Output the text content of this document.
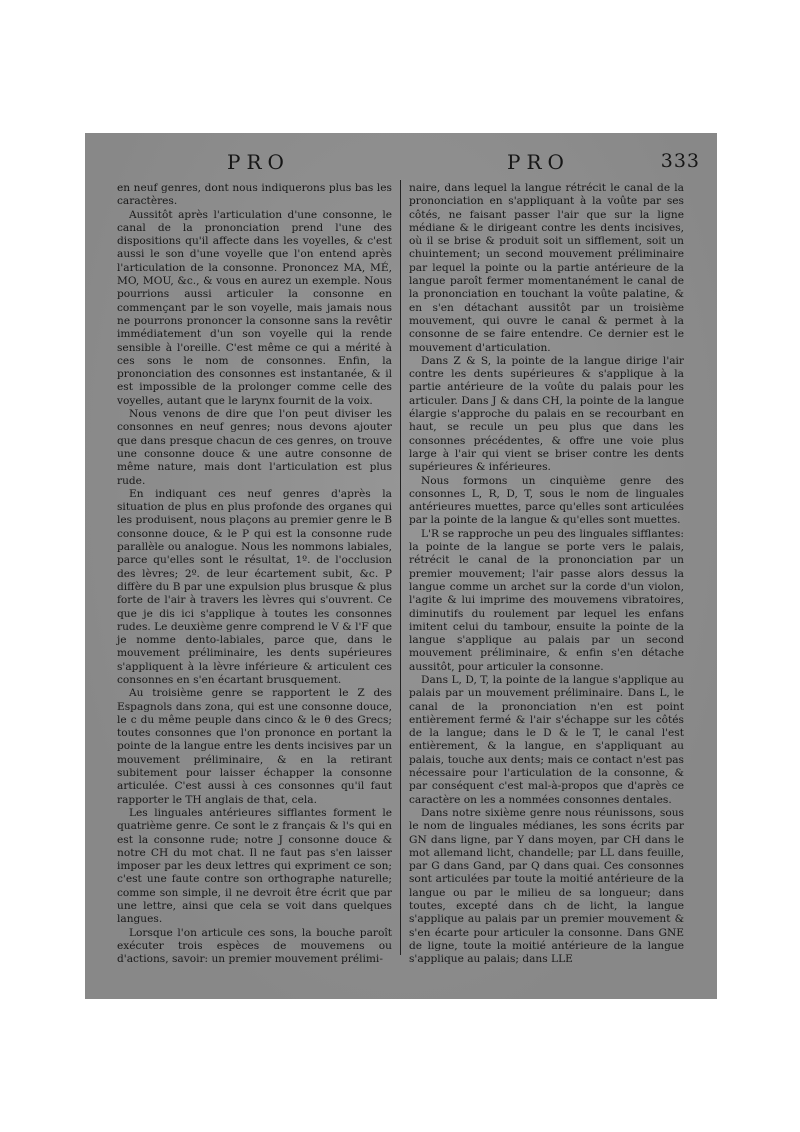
PRO	PRO	333

en neuf genres, dont nous indiquerons plus bas les caractères.

Aussitôt après l'articulation d'une consonne, le canal de la prononciation prend l'une des dispositions qu'il affecte dans les voyelles, & c'est aussi le son d'une voyelle que l'on entend après l'articulation de la consonne. Prononcez MA, MÉ, MO, MOU, &c., & vous en aurez un exemple. Nous pourrions aussi articuler la consonne en commençant par le son voyelle, mais jamais nous ne pourrons prononcer la consonne sans la revêtir immédiatement d'un son voyelle qui la rende sensible à l'oreille. C'est même ce qui a mérité à ces sons le nom de consonnes. Enfin, la prononciation des consonnes est instantanée, & il est impossible de la prolonger comme celle des voyelles, autant que le larynx fournit de la voix.

Nous venons de dire que l'on peut diviser les consonnes en neuf genres; nous devons ajouter que dans presque chacun de ces genres, on trouve une consonne douce & une autre consonne de même nature, mais dont l'articulation est plus rude.

En indiquant ces neuf genres d'après la situation de plus en plus profonde des organes qui les produisent, nous plaçons au premier genre le B consonne douce, & le P qui est la consonne rude parallèle ou analogue. Nous les nommons labiales, parce qu'elles sont le résultat, 1º. de l'occlusion des lèvres; 2º. de leur écartement subit, &c. P diffère du B par une expulsion plus brusque & plus forte de l'air à travers les lèvres qui s'ouvrent. Ce que je dis ici s'applique à toutes les consonnes rudes. Le deuxième genre comprend le V & l'F que je nomme dento-labiales, parce que, dans le mouvement préliminaire, les dents supérieures s'appliquent à la lèvre inférieure & articulent ces consonnes en s'en écartant brusquement.

Au troisième genre se rapportent le Z des Espagnols dans zona, qui est une consonne douce, le c du même peuple dans cinco & le θ des Grecs; toutes consonnes que l'on prononce en portant la pointe de la langue entre les dents incisives par un mouvement préliminaire, & en la retirant subitement pour laisser échapper la consonne articulée. C'est aussi à ces consonnes qu'il faut rapporter le TH anglais de that, cela.

Les linguales antérieures sifflantes forment le quatrième genre. Ce sont le z français & l's qui en est la consonne rude; notre J consonne douce & notre CH du mot chat. Il ne faut pas s'en laisser imposer par les deux lettres qui expriment ce son; c'est une faute contre son orthographe naturelle; comme son simple, il ne devroit être écrit que par une lettre, ainsi que cela se voit dans quelques langues.

Lorsque l'on articule ces sons, la bouche paroît exécuter trois espèces de mouvemens ou d'actions, savoir: un premier mouvement prélimi-

naire, dans lequel la langue rétrécit le canal de la prononciation en s'appliquant à la voûte par ses côtés, ne faisant passer l'air que sur la ligne médiane & le dirigeant contre les dents incisives, où il se brise & produit soit un sifflement, soit un chuintement; un second mouvement préliminaire par lequel la pointe ou la partie antérieure de la langue paroît fermer momentanément le canal de la prononciation en touchant la voûte palatine, & en s'en détachant aussitôt par un troisième mouvement, qui ouvre le canal & permet à la consonne de se faire entendre. Ce dernier est le mouvement d'articulation.

Dans Z & S, la pointe de la langue dirige l'air contre les dents supérieures & s'applique à la partie antérieure de la voûte du palais pour les articuler. Dans J & dans CH, la pointe de la langue élargie s'approche du palais en se recourbant en haut, se recule un peu plus que dans les consonnes précédentes, & offre une voie plus large à l'air qui vient se briser contre les dents supérieures & inférieures.

Nous formons un cinquième genre des consonnes L, R, D, T, sous le nom de linguales antérieures muettes, parce qu'elles sont articulées par la pointe de la langue & qu'elles sont muettes.

L'R se rapproche un peu des linguales sifflantes: la pointe de la langue se porte vers le palais, rétrécit le canal de la prononciation par un premier mouvement; l'air passe alors dessus la langue comme un archet sur la corde d'un violon, l'agite & lui imprime des mouvemens vibratoires, diminutifs du roulement par lequel les enfans imitent celui du tambour, ensuite la pointe de la langue s'applique au palais par un second mouvement préliminaire, & enfin s'en détache aussitôt, pour articuler la consonne.

Dans L, D, T, la pointe de la langue s'applique au palais par un mouvement préliminaire. Dans L, le canal de la prononciation n'en est point entièrement fermé & l'air s'échappe sur les côtés de la langue; dans le D & le T, le canal l'est entièrement, & la langue, en s'appliquant au palais, touche aux dents; mais ce contact n'est pas nécessaire pour l'articulation de la consonne, & par conséquent c'est mal-à-propos que d'après ce caractère on les a nommées consonnes dentales.

Dans notre sixième genre nous réunissons, sous le nom de linguales médianes, les sons écrits par GN dans ligne, par Y dans moyen, par CH dans le mot allemand licht, chandelle; par LL dans feuille, par G dans Gand, par Q dans quai. Ces consonnes sont articulées par toute la moitié antérieure de la langue ou par le milieu de sa longueur; dans toutes, excepté dans ch de licht, la langue s'applique au palais par un premier mouvement & s'en écarte pour articuler la consonne. Dans GNE de ligne, toute la moitié antérieure de la langue s'applique au palais; dans LLE
